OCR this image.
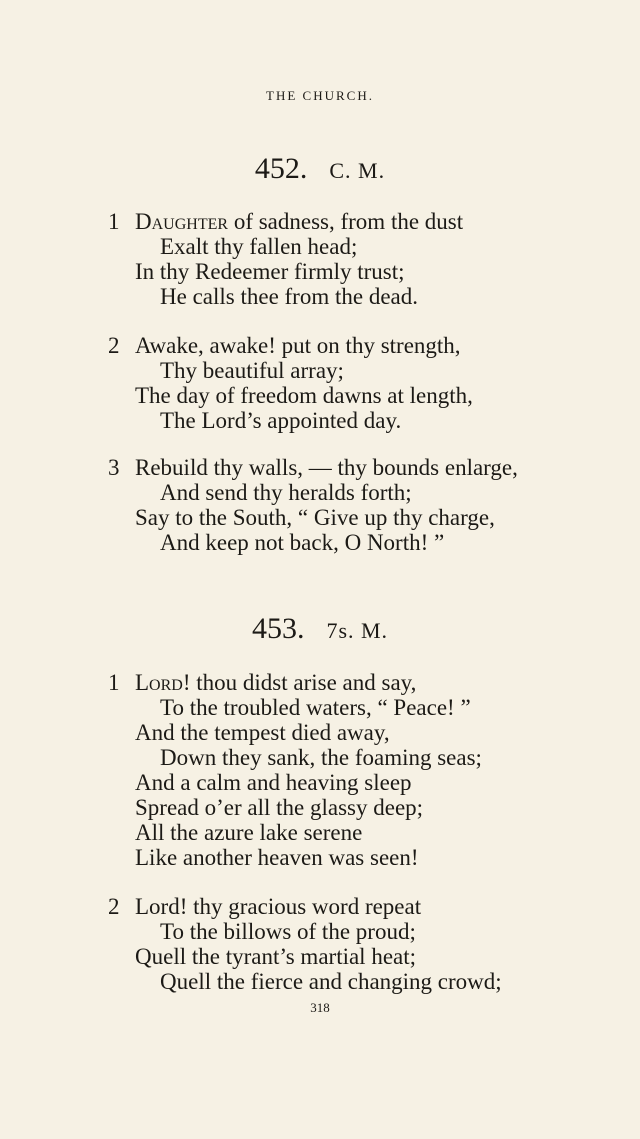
THE CHURCH.
452. C. M.
1 Daughter of sadness, from the dust
Exalt thy fallen head;
In thy Redeemer firmly trust;
He calls thee from the dead.
2 Awake, awake! put on thy strength,
Thy beautiful array;
The day of freedom dawns at length,
The Lord’s appointed day.
3 Rebuild thy walls, — thy bounds enlarge,
And send thy heralds forth;
Say to the South, “ Give up thy charge,
And keep not back, O North! ”
453. 7s. M.
1 Lord! thou didst arise and say,
To the troubled waters, “ Peace! ”
And the tempest died away,
Down they sank, the foaming seas;
And a calm and heaving sleep
Spread o’er all the glassy deep;
All the azure lake serene
Like another heaven was seen!
2 Lord! thy gracious word repeat
To the billows of the proud;
Quell the tyrant’s martial heat;
Quell the fierce and changing crowd;
318
